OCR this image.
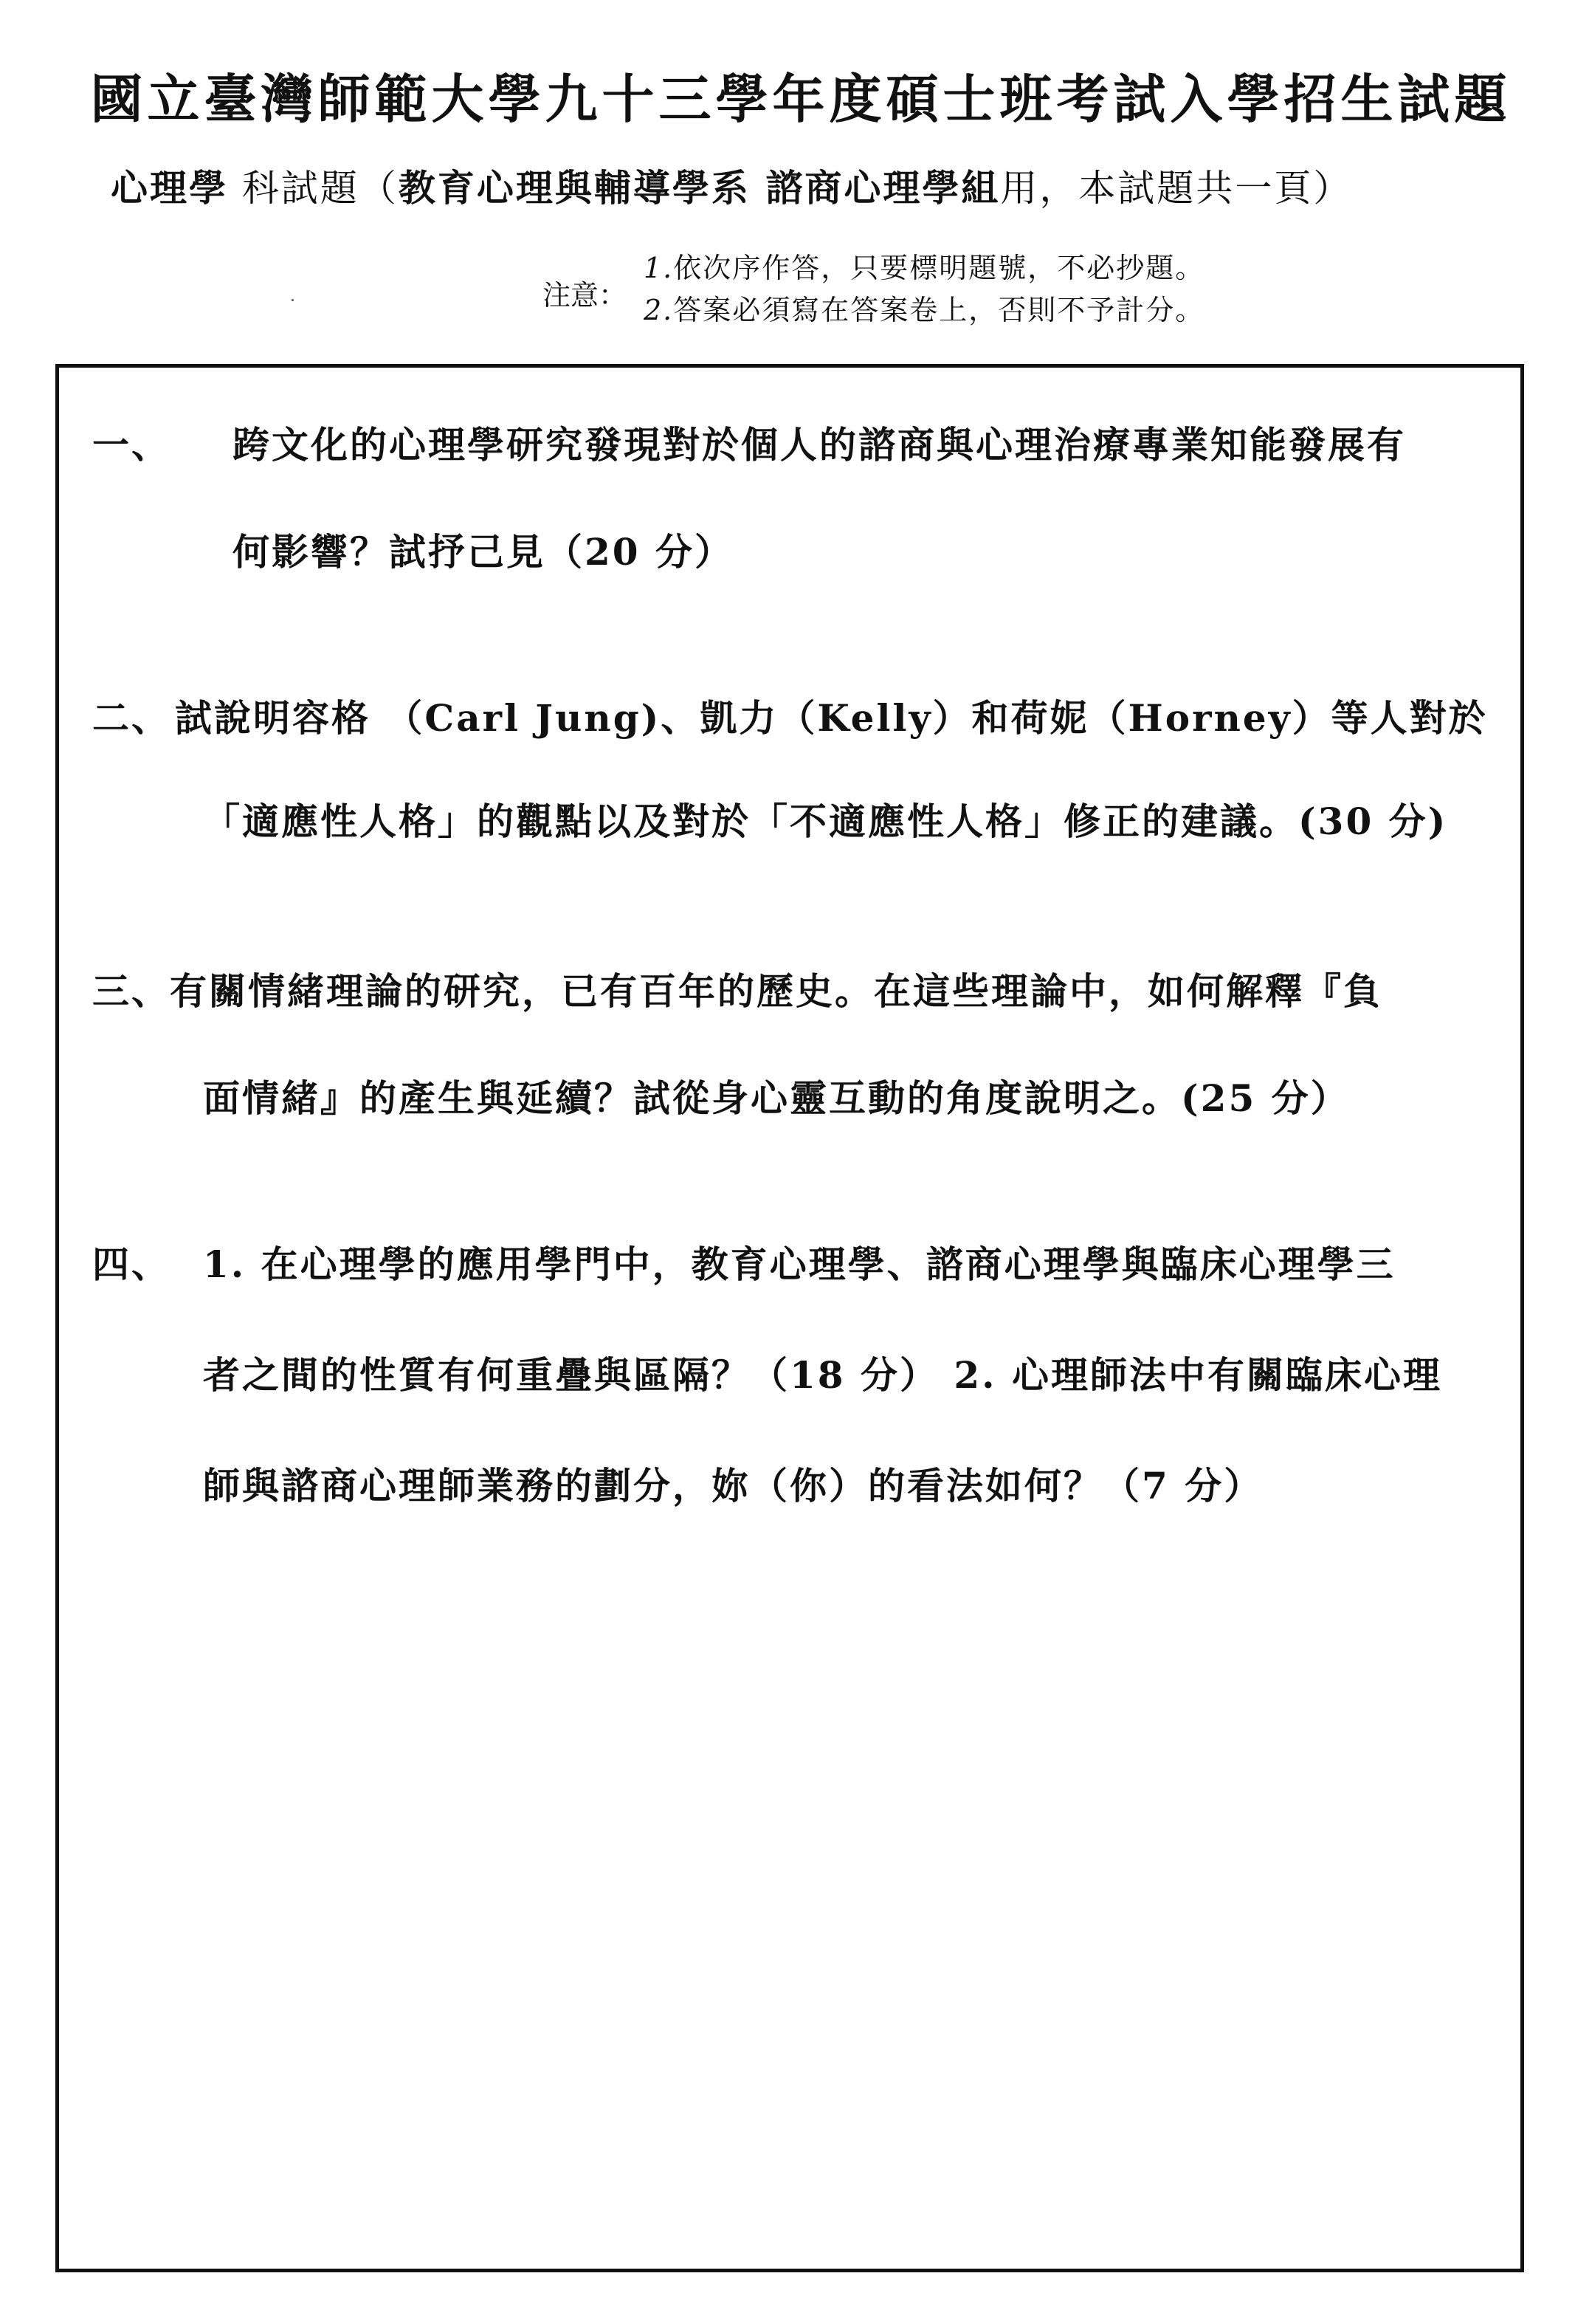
國立臺灣師範大學九十三學年度碩士班考試入學招生試題
心理學 科試題（教育心理與輔導學系 諮商心理學組用，本試題共一頁）
注意：
1.依次序作答，只要標明題號，不必抄題。
2.答案必須寫在答案卷上，否則不予計分。
一、 跨文化的心理學研究發現對於個人的諮商與心理治療專業知能發展有
何影響？試抒己見（20 分）
二、 試說明容格 （Carl Jung)、凱力（Kelly）和荷妮（Horney）等人對於
「適應性人格」的觀點以及對於「不適應性人格」修正的建議。(30 分)
三、 有關情緒理論的研究，已有百年的歷史。在這些理論中，如何解釋『負
面情緒』的產生與延續？試從身心靈互動的角度說明之。(25 分）
四、 1. 在心理學的應用學門中，教育心理學、諮商心理學與臨床心理學三
者之間的性質有何重疊與區隔？（18 分） 2. 心理師法中有關臨床心理
師與諮商心理師業務的劃分，妳（你）的看法如何？（7 分）
